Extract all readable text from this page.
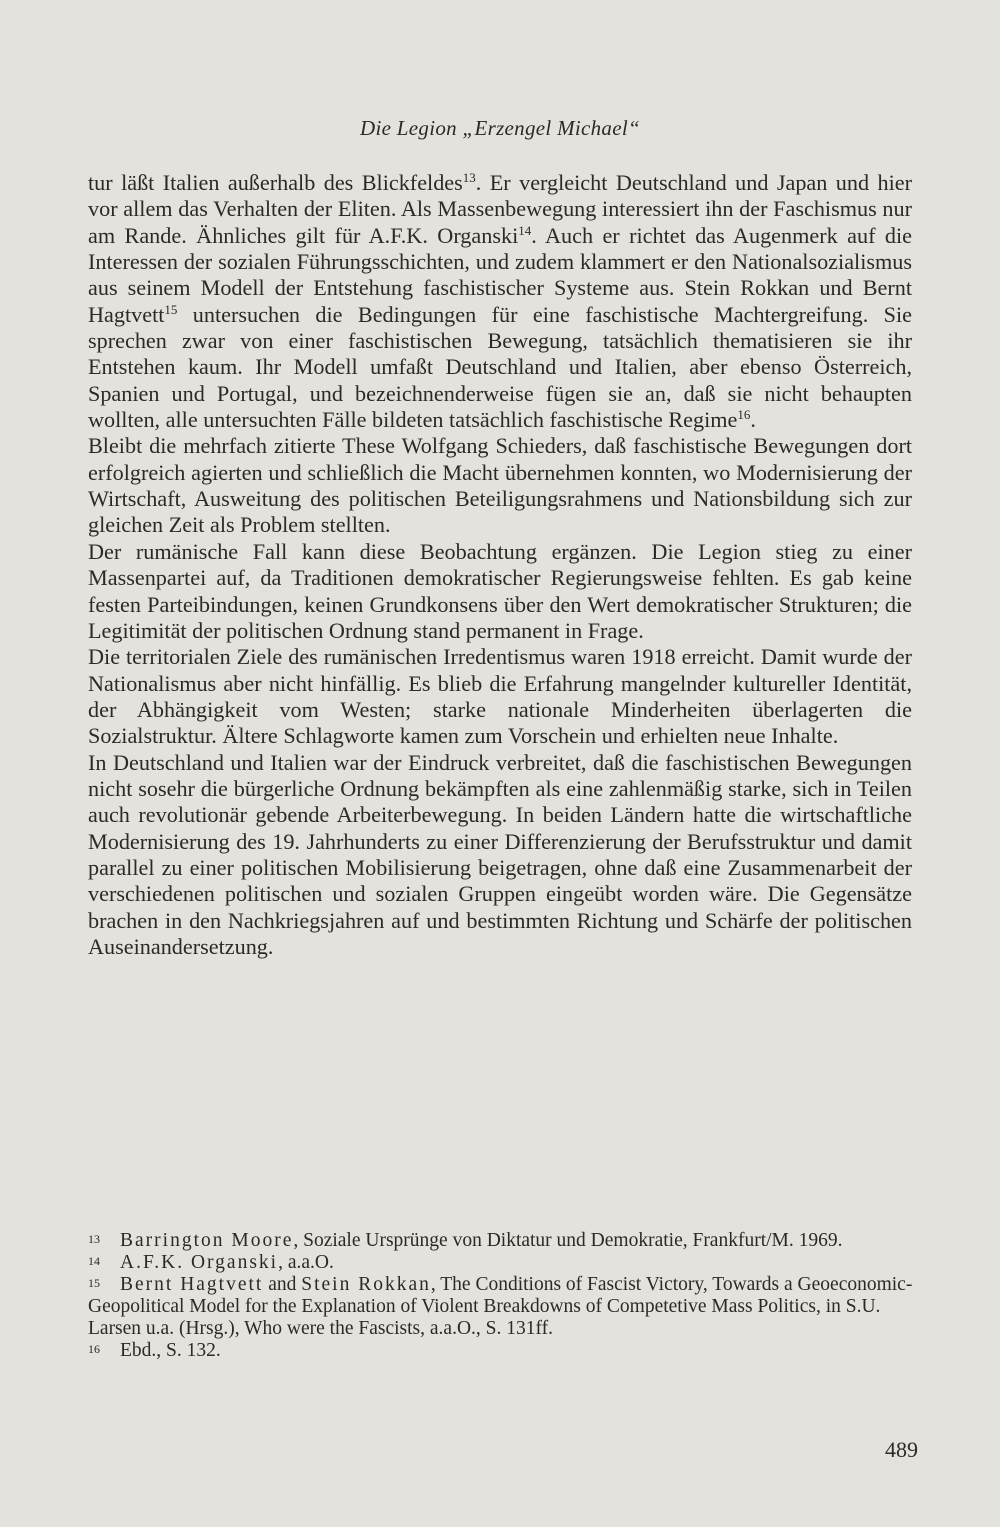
Die Legion „Erzengel Michael“

tur läßt Italien außerhalb des Blickfeldes$^{13}$. Er vergleicht Deutschland und Japan und hier vor allem das Verhalten der Eliten. Als Massenbewegung interessiert ihn der Faschismus nur am Rande. Ähnliches gilt für A.F.K. Organski$^{14}$. Auch er richtet das Augenmerk auf die Interessen der sozialen Führungsschichten, und zudem klammert er den Nationalsozialismus aus seinem Modell der Entstehung faschistischer Systeme aus. Stein Rokkan und Bernt Hagtvett$^{15}$ untersuchen die Bedingungen für eine faschistische Machtergreifung. Sie sprechen zwar von einer faschistischen Bewegung, tatsächlich thematisieren sie ihr Entstehen kaum. Ihr Modell umfaßt Deutschland und Italien, aber ebenso Österreich, Spanien und Portugal, und bezeichnenderweise fügen sie an, daß sie nicht behaupten wollten, alle untersuchten Fälle bildeten tatsächlich faschistische Regime$^{16}$.

Bleibt die mehrfach zitierte These Wolfgang Schieders, daß faschistische Bewegungen dort erfolgreich agierten und schließlich die Macht übernehmen konnten, wo Modernisierung der Wirtschaft, Ausweitung des politischen Beteiligungsrahmens und Nationsbildung sich zur gleichen Zeit als Problem stellten.

Der rumänische Fall kann diese Beobachtung ergänzen. Die Legion stieg zu einer Massenpartei auf, da Traditionen demokratischer Regierungsweise fehlten. Es gab keine festen Parteibindungen, keinen Grundkonsens über den Wert demokratischer Strukturen; die Legitimität der politischen Ordnung stand permanent in Frage.

Die territorialen Ziele des rumänischen Irredentismus waren 1918 erreicht. Damit wurde der Nationalismus aber nicht hinfällig. Es blieb die Erfahrung mangelnder kultureller Identität, der Abhängigkeit vom Westen; starke nationale Minderheiten überlagerten die Sozialstruktur. Ältere Schlagworte kamen zum Vorschein und erhielten neue Inhalte.

In Deutschland und Italien war der Eindruck verbreitet, daß die faschistischen Bewegungen nicht sosehr die bürgerliche Ordnung bekämpften als eine zahlenmäßig starke, sich in Teilen auch revolutionär gebende Arbeiterbewegung. In beiden Ländern hatte die wirtschaftliche Modernisierung des 19. Jahrhunderts zu einer Differenzierung der Berufsstruktur und damit parallel zu einer politischen Mobilisierung beigetragen, ohne daß eine Zusammenarbeit der verschiedenen politischen und sozialen Gruppen eingeübt worden wäre. Die Gegensätze brachen in den Nachkriegsjahren auf und bestimmten Richtung und Schärfe der politischen Auseinandersetzung.

$^{13}$ Barrington Moore, Soziale Ursprünge von Diktatur und Demokratie, Frankfurt/M. 1969.

$^{14}$ A.F.K. Organski, a.a.O.

$^{15}$ Bernt Hagtvett and Stein Rokkan, The Conditions of Fascist Victory, Towards a Geoeconomic-Geopolitical Model for the Explanation of Violent Breakdowns of Competetive Mass Politics, in S.U. Larsen u.a. (Hrsg.), Who were the Fascists, a.a.O., S. 131ff.

$^{16}$ Ebd., S. 132.

489
